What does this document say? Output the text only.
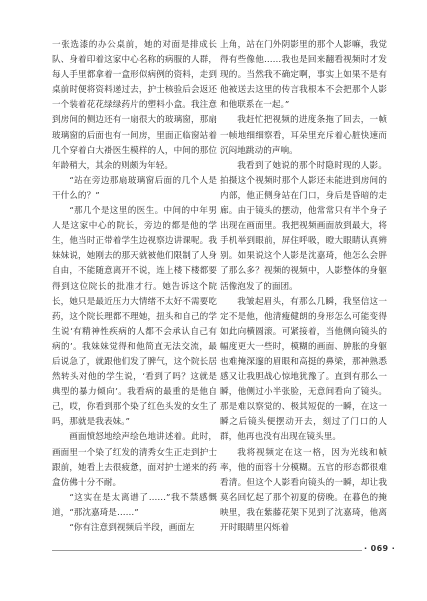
一张选漆的办公桌前，她的对面是排成长队、身着印着这家中心名称的病服的人群，每人手里都拿着一盒形似病例的资料，走到桌前时便将资料递过去，护士核验后会返还一个装着花花绿绿药片的塑料小盒。我注意到房间的侧边还有一扇很大的玻璃窗，那扇玻璃窗的后面也有一间房，里面正临窗站着几个穿着白大褂医生模样的人，中间的那位年龄稍大，其余的则颇为年轻。

“站在旁边那扇玻璃窗后面的几个人是干什么的？”

“那几个是这里的医生。中间的中年男人是这家中心的院长，旁边的都是他的学生，他当时正带着学生边视察边讲课呢。我妹妹说，她刚去的那天就被他们限制了人身自由，不能随意离开不说，连上楼下楼都要得到这位院长的批准才行。她告诉这个院长，她只是最近压力大情绪不太好不需要吃药，这个院长理都不理她，扭头和自己的学生说‘有精神性疾病的人都不会承认自己有病的’。我妹妹觉得和他简直无法交流，最后说急了，就跟他们发了脾气，这个院长居然转头对他的学生说，‘看到了吗？这就是典型的暴力倾向’。我看病的最重的是他自己，哎，你看到那个染了红色头发的女生了吗，那就是我表妹。”

画面愤怒地绘声绘色地讲述着。此时，画面里一个染了红发的清秀女生正走到护士跟前，她看上去很疲惫，面对护士递来的药盒仿佛十分不耐。

“这实在是太离谱了……”我不禁感慨道，“那沈嘉琦是……”

“你有注意到视频后半段，画面左

上角，站在门外阴影里的那个人影嘛，我觉得有些像他……我也是回来翻看视频时才发现的。当然我不确定啊，事实上如果不是有他被送去这里的传言我根本不会把那个人影和他联系在一起。”

我赶忙把视频的进度条拖了回去，一帧一帧地细细察看，耳朵里充斥着心脏快速而沉闷地跳动的声响。

我看到了她说的那个时隐时现的人影。拍摄这个视频时那个人影还未能进到房间的内部，他正侧身站在门口，身后是昏暗的走廊。由于镜头的摆动，他常常只有半个身子出现在画面里。我把视频画面放到最大，将手机举到眼前，屏住呼吸，瞪大眼睛认真辨别。如果说这个人影是沈嘉琦，他怎么会胖了那么多？视频的视频中，人影整体的身躯活像泡发了的面团。

我皱起眉头，有那么几瞬，我坚信这一定不是他，他清瘦健朗的身形怎么可能变得如此向横圆滚。可紧接着，当他侧向镜头的幅度更大一些时，模糊的画面、肿胀的身躯也难掩深邃的眉眼和高挺的鼻梁，那神熟悉感又让我胆战心惊地犹豫了。直到有那么一瞬，他侧过小半张脸，无意间看向了镜头。那是难以察觉的、极其短促的一瞬，在这一瞬之后镜头便摆动开去，刻过了门口的人群，他再也没有出现在镜头里。

我将视频定在这一格，因为光线和帧率，他的面容十分模糊。五官的形态都很难看清。但这个人影看向镜头的一瞬，却让我莫名回忆起了那个初夏的傍晚。在暮色的掩映里，我在紫藤花架下见到了沈嘉琦，他离开时眼睛里闪烁着

· 069 ·
